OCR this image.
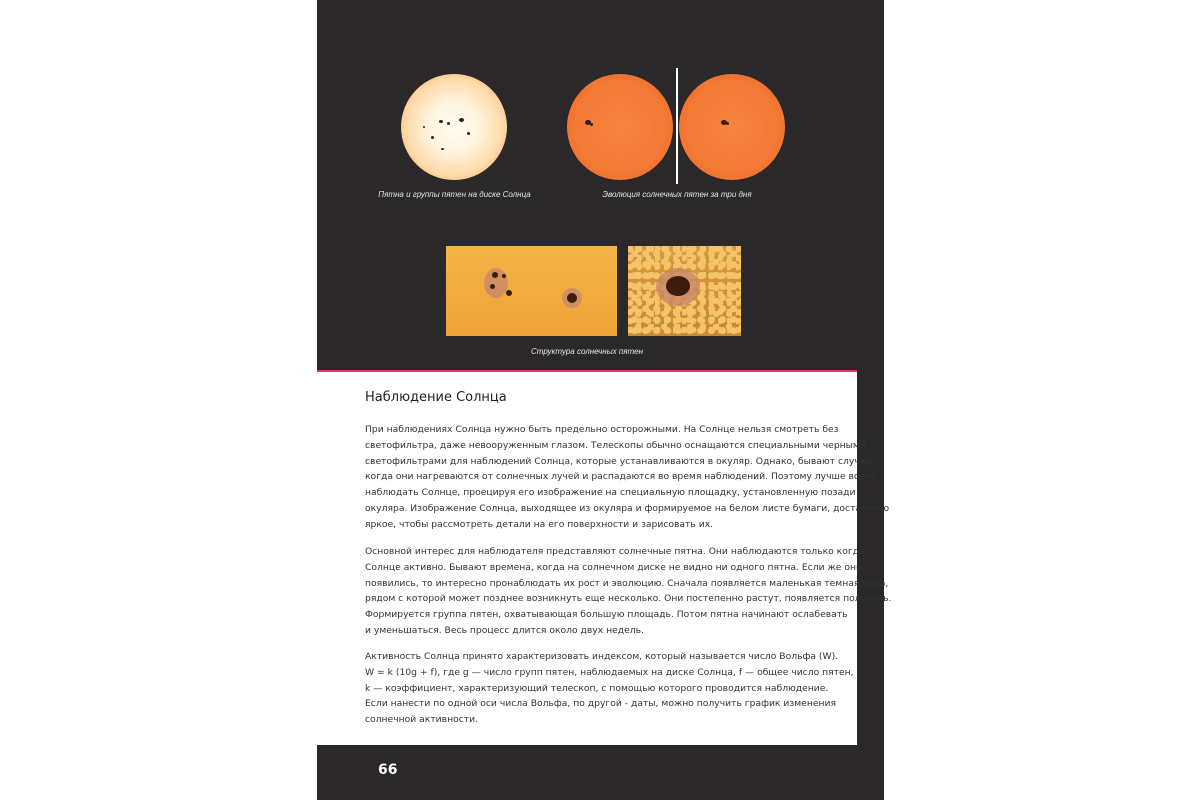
Пятна и группы пятен на диске Солнца	Эволюция солнечных пятен за три дня
Структура солнечных пятен
Наблюдение Солнца
При наблюдениях Солнца нужно быть предельно осторожными. На Солнце нельзя смотреть без
светофильтра, даже невооруженным глазом. Телескопы обычно оснащаются специальными черными
светофильтрами для наблюдений Солнца, которые устанавливаются в окуляр. Однако, бывают случаи,
когда они нагреваются от солнечных лучей и распадаются во время наблюдений. Поэтому лучше всего
наблюдать Солнце, проецируя его изображение на специальную площадку, установленную позади
окуляра. Изображение Солнца, выходящее из окуляра и формируемое на белом листе бумаги, достаточно
яркое, чтобы рассмотреть детали на его поверхности и зарисовать их.
Основной интерес для наблюдателя представляют солнечные пятна. Они наблюдаются только когда
Солнце активно. Бывают времена, когда на солнечном диске не видно ни одного пятна. Если же они
появились, то интересно пронаблюдать их рост и эволюцию. Сначала появляется маленькая темная пора,
рядом с которой может позднее возникнуть еще несколько. Они постепенно растут, появляется полутень.
Формируется группа пятен, охватывающая большую площадь. Потом пятна начинают ослабевать
и уменьшаться. Весь процесс длится около двух недель.
Активность Солнца принято характеризовать индексом, который называется число Вольфа (W).
W = k (10g + f), где g — число групп пятен, наблюдаемых на диске Солнца, f — общее число пятен,
k — коэффициент, характеризующий телескоп, с помощью которого проводится наблюдение.
Если нанести по одной оси числа Вольфа, по другой - даты, можно получить график изменения
солнечной активности.
66
